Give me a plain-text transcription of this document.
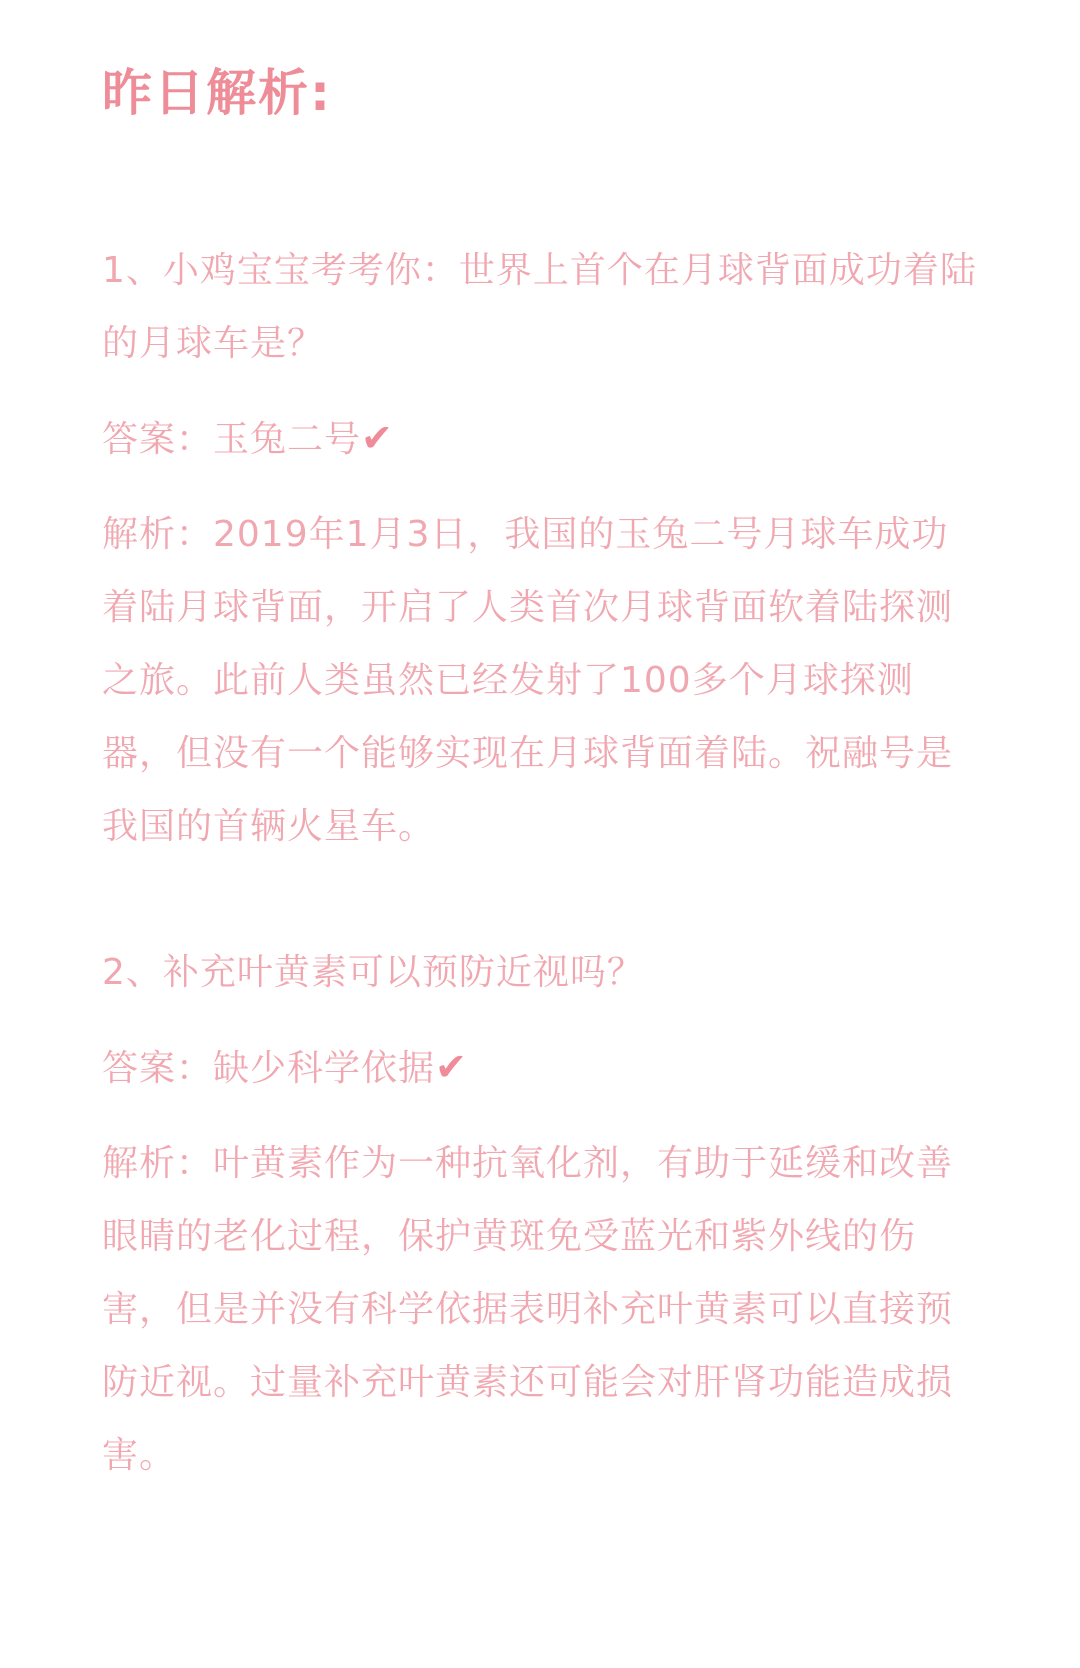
昨日解析:

1、小鸡宝宝考考你：世界上首个在月球背面成功着陆的月球车是？

答案：玉兔二号✔

解析：2019年1月3日，我国的玉兔二号月球车成功着陆月球背面，开启了人类首次月球背面软着陆探测之旅。此前人类虽然已经发射了100多个月球探测器，但没有一个能够实现在月球背面着陆。祝融号是我国的首辆火星车。

2、补充叶黄素可以预防近视吗？

答案：缺少科学依据✔

解析：叶黄素作为一种抗氧化剂，有助于延缓和改善眼睛的老化过程，保护黄斑免受蓝光和紫外线的伤害，但是并没有科学依据表明补充叶黄素可以直接预防近视。过量补充叶黄素还可能会对肝肾功能造成损害。
